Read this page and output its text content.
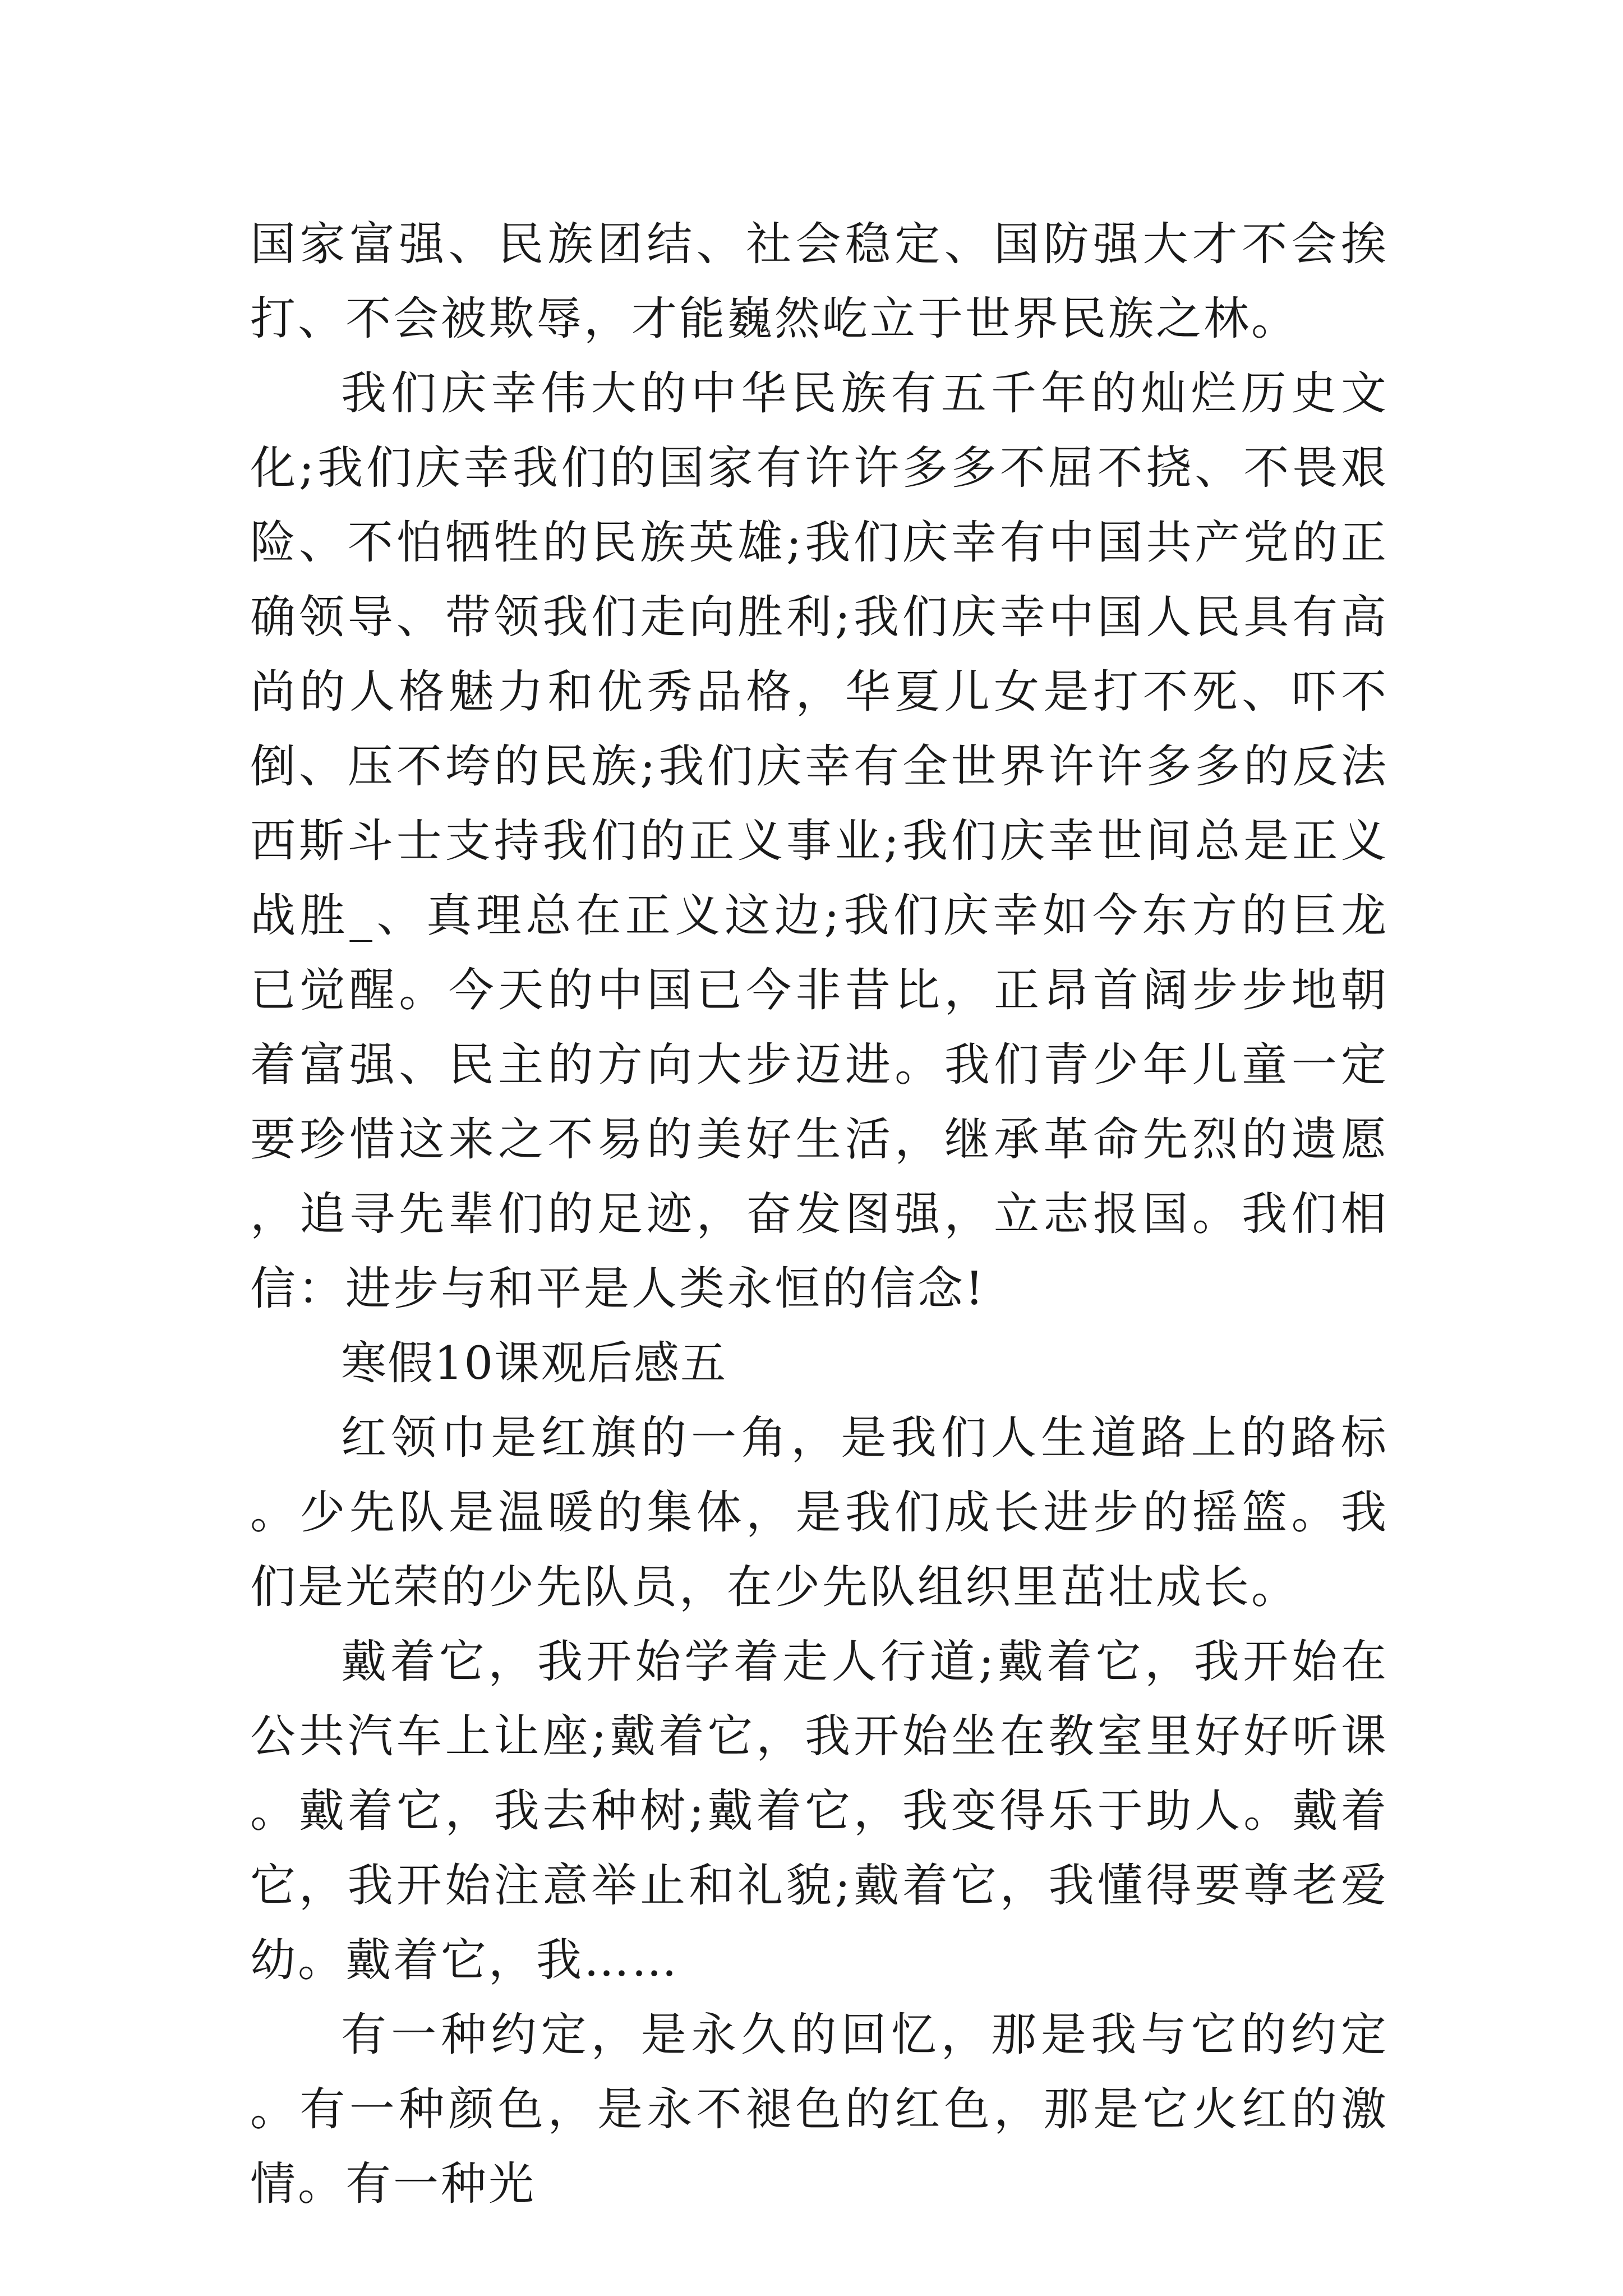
国家富强、民族团结、社会稳定、国防强大才不会挨打、不会被欺辱，才能巍然屹立于世界民族之林。

我们庆幸伟大的中华民族有五千年的灿烂历史文化;我们庆幸我们的国家有许许多多不屈不挠、不畏艰险、不怕牺牲的民族英雄;我们庆幸有中国共产党的正确领导、带领我们走向胜利;我们庆幸中国人民具有高尚的人格魅力和优秀品格，华夏儿女是打不死、吓不倒、压不垮的民族;我们庆幸有全世界许许多多的反法西斯斗士支持我们的正义事业;我们庆幸世间总是正义战胜_、真理总在正义这边;我们庆幸如今东方的巨龙已觉醒。今天的中国已今非昔比，正昂首阔步步地朝着富强、民主的方向大步迈进。我们青少年儿童一定要珍惜这来之不易的美好生活，继承革命先烈的遗愿，追寻先辈们的足迹，奋发图强，立志报国。我们相信：进步与和平是人类永恒的信念!

寒假10课观后感五

红领巾是红旗的一角，是我们人生道路上的路标。少先队是温暖的集体，是我们成长进步的摇篮。我们是光荣的少先队员，在少先队组织里茁壮成长。

戴着它，我开始学着走人行道;戴着它，我开始在公共汽车上让座;戴着它，我开始坐在教室里好好听课。戴着它，我去种树;戴着它，我变得乐于助人。戴着它，我开始注意举止和礼貌;戴着它，我懂得要尊老爱幼。戴着它，我……

有一种约定，是永久的回忆，那是我与它的约定。有一种颜色，是永不褪色的红色，那是它火红的激情。有一种光
